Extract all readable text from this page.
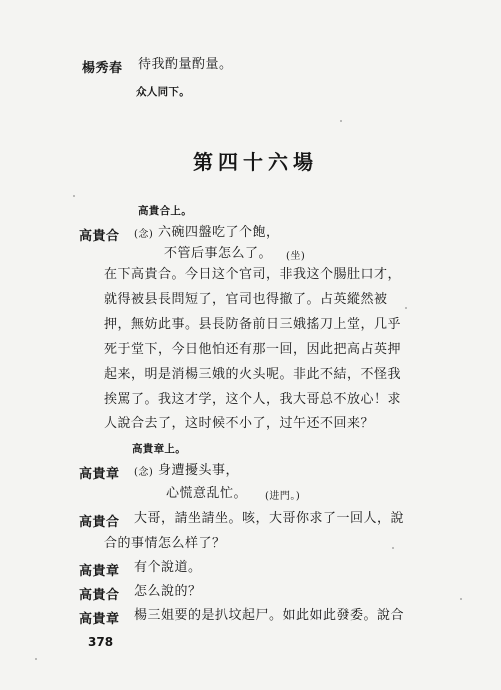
楊秀春 待我酌量酌量。
众人同下。
第四十六場
高貴合上。
高貴合 (念) 六碗四盤吃了个飽，
不管后事怎么了。 (坐)
在下高貴合。今日这个官司，非我这个腸肚口才，
就得被县長問短了，官司也得撤了。占英縱然被
押，無妨此事。县長防备前日三娥搖刀上堂，几乎
死于堂下，今日他怕还有那一回，因此把高占英押
起来，明是消楊三娥的火头呢。非此不結，不怪我
挨罵了。我这才学，这个人，我大哥总不放心！求
人說合去了，这时候不小了，过午还不回来？
高貴章上。
高貴章 (念) 身遭擾头事，
心慌意乱忙。 (进門。)
高貴合 大哥，請坐請坐。咳，大哥你求了一回人，說
合的事情怎么样了？
高貴章 有个說道。
高貴合 怎么說的？
高貴章 楊三姐要的是扒坟起尸。如此如此發委。說合
378
